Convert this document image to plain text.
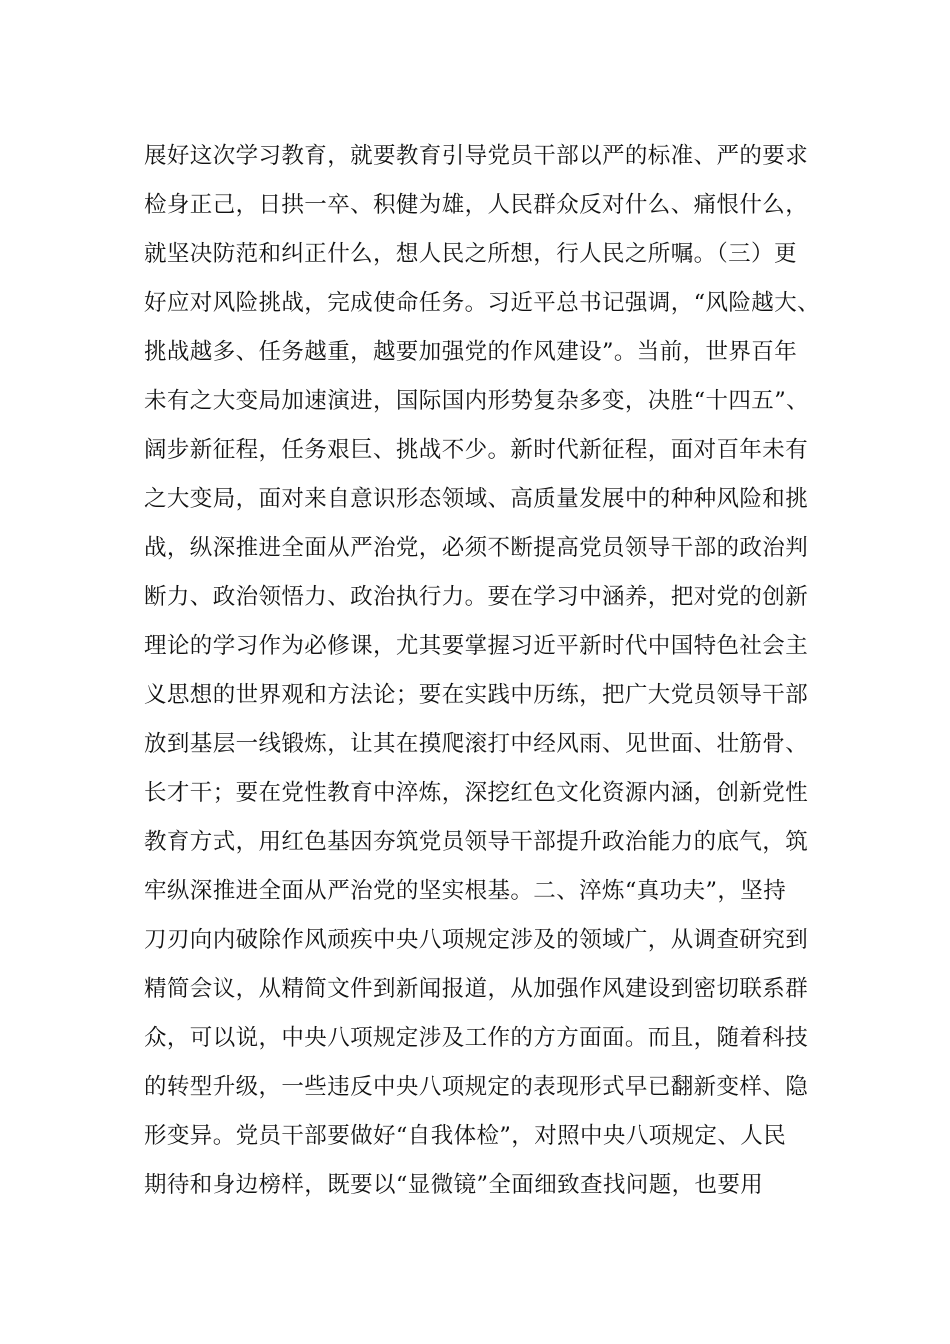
展好这次学习教育，就要教育引导党员干部以严的标准、严的要求
检身正己，日拱一卒、积健为雄，人民群众反对什么、痛恨什么，
就坚决防范和纠正什么，想人民之所想，行人民之所嘱。（三）更
好应对风险挑战，完成使命任务。习近平总书记强调，“风险越大、
挑战越多、任务越重，越要加强党的作风建设”。当前，世界百年
未有之大变局加速演进，国际国内形势复杂多变，决胜“十四五”、
阔步新征程，任务艰巨、挑战不少。新时代新征程，面对百年未有
之大变局，面对来自意识形态领域、高质量发展中的种种风险和挑
战，纵深推进全面从严治党，必须不断提高党员领导干部的政治判
断力、政治领悟力、政治执行力。要在学习中涵养，把对党的创新
理论的学习作为必修课，尤其要掌握习近平新时代中国特色社会主
义思想的世界观和方法论；要在实践中历练，把广大党员领导干部
放到基层一线锻炼，让其在摸爬滚打中经风雨、见世面、壮筋骨、
长才干；要在党性教育中淬炼，深挖红色文化资源内涵，创新党性
教育方式，用红色基因夯筑党员领导干部提升政治能力的底气，筑
牢纵深推进全面从严治党的坚实根基。二、淬炼“真功夫”，坚持
刀刃向内破除作风顽疾中央八项规定涉及的领域广，从调查研究到
精简会议，从精简文件到新闻报道，从加强作风建设到密切联系群
众，可以说，中央八项规定涉及工作的方方面面。而且，随着科技
的转型升级，一些违反中央八项规定的表现形式早已翻新变样、隐
形变异。党员干部要做好“自我体检”，对照中央八项规定、人民
期待和身边榜样，既要以“显微镜”全面细致查找问题，也要用
